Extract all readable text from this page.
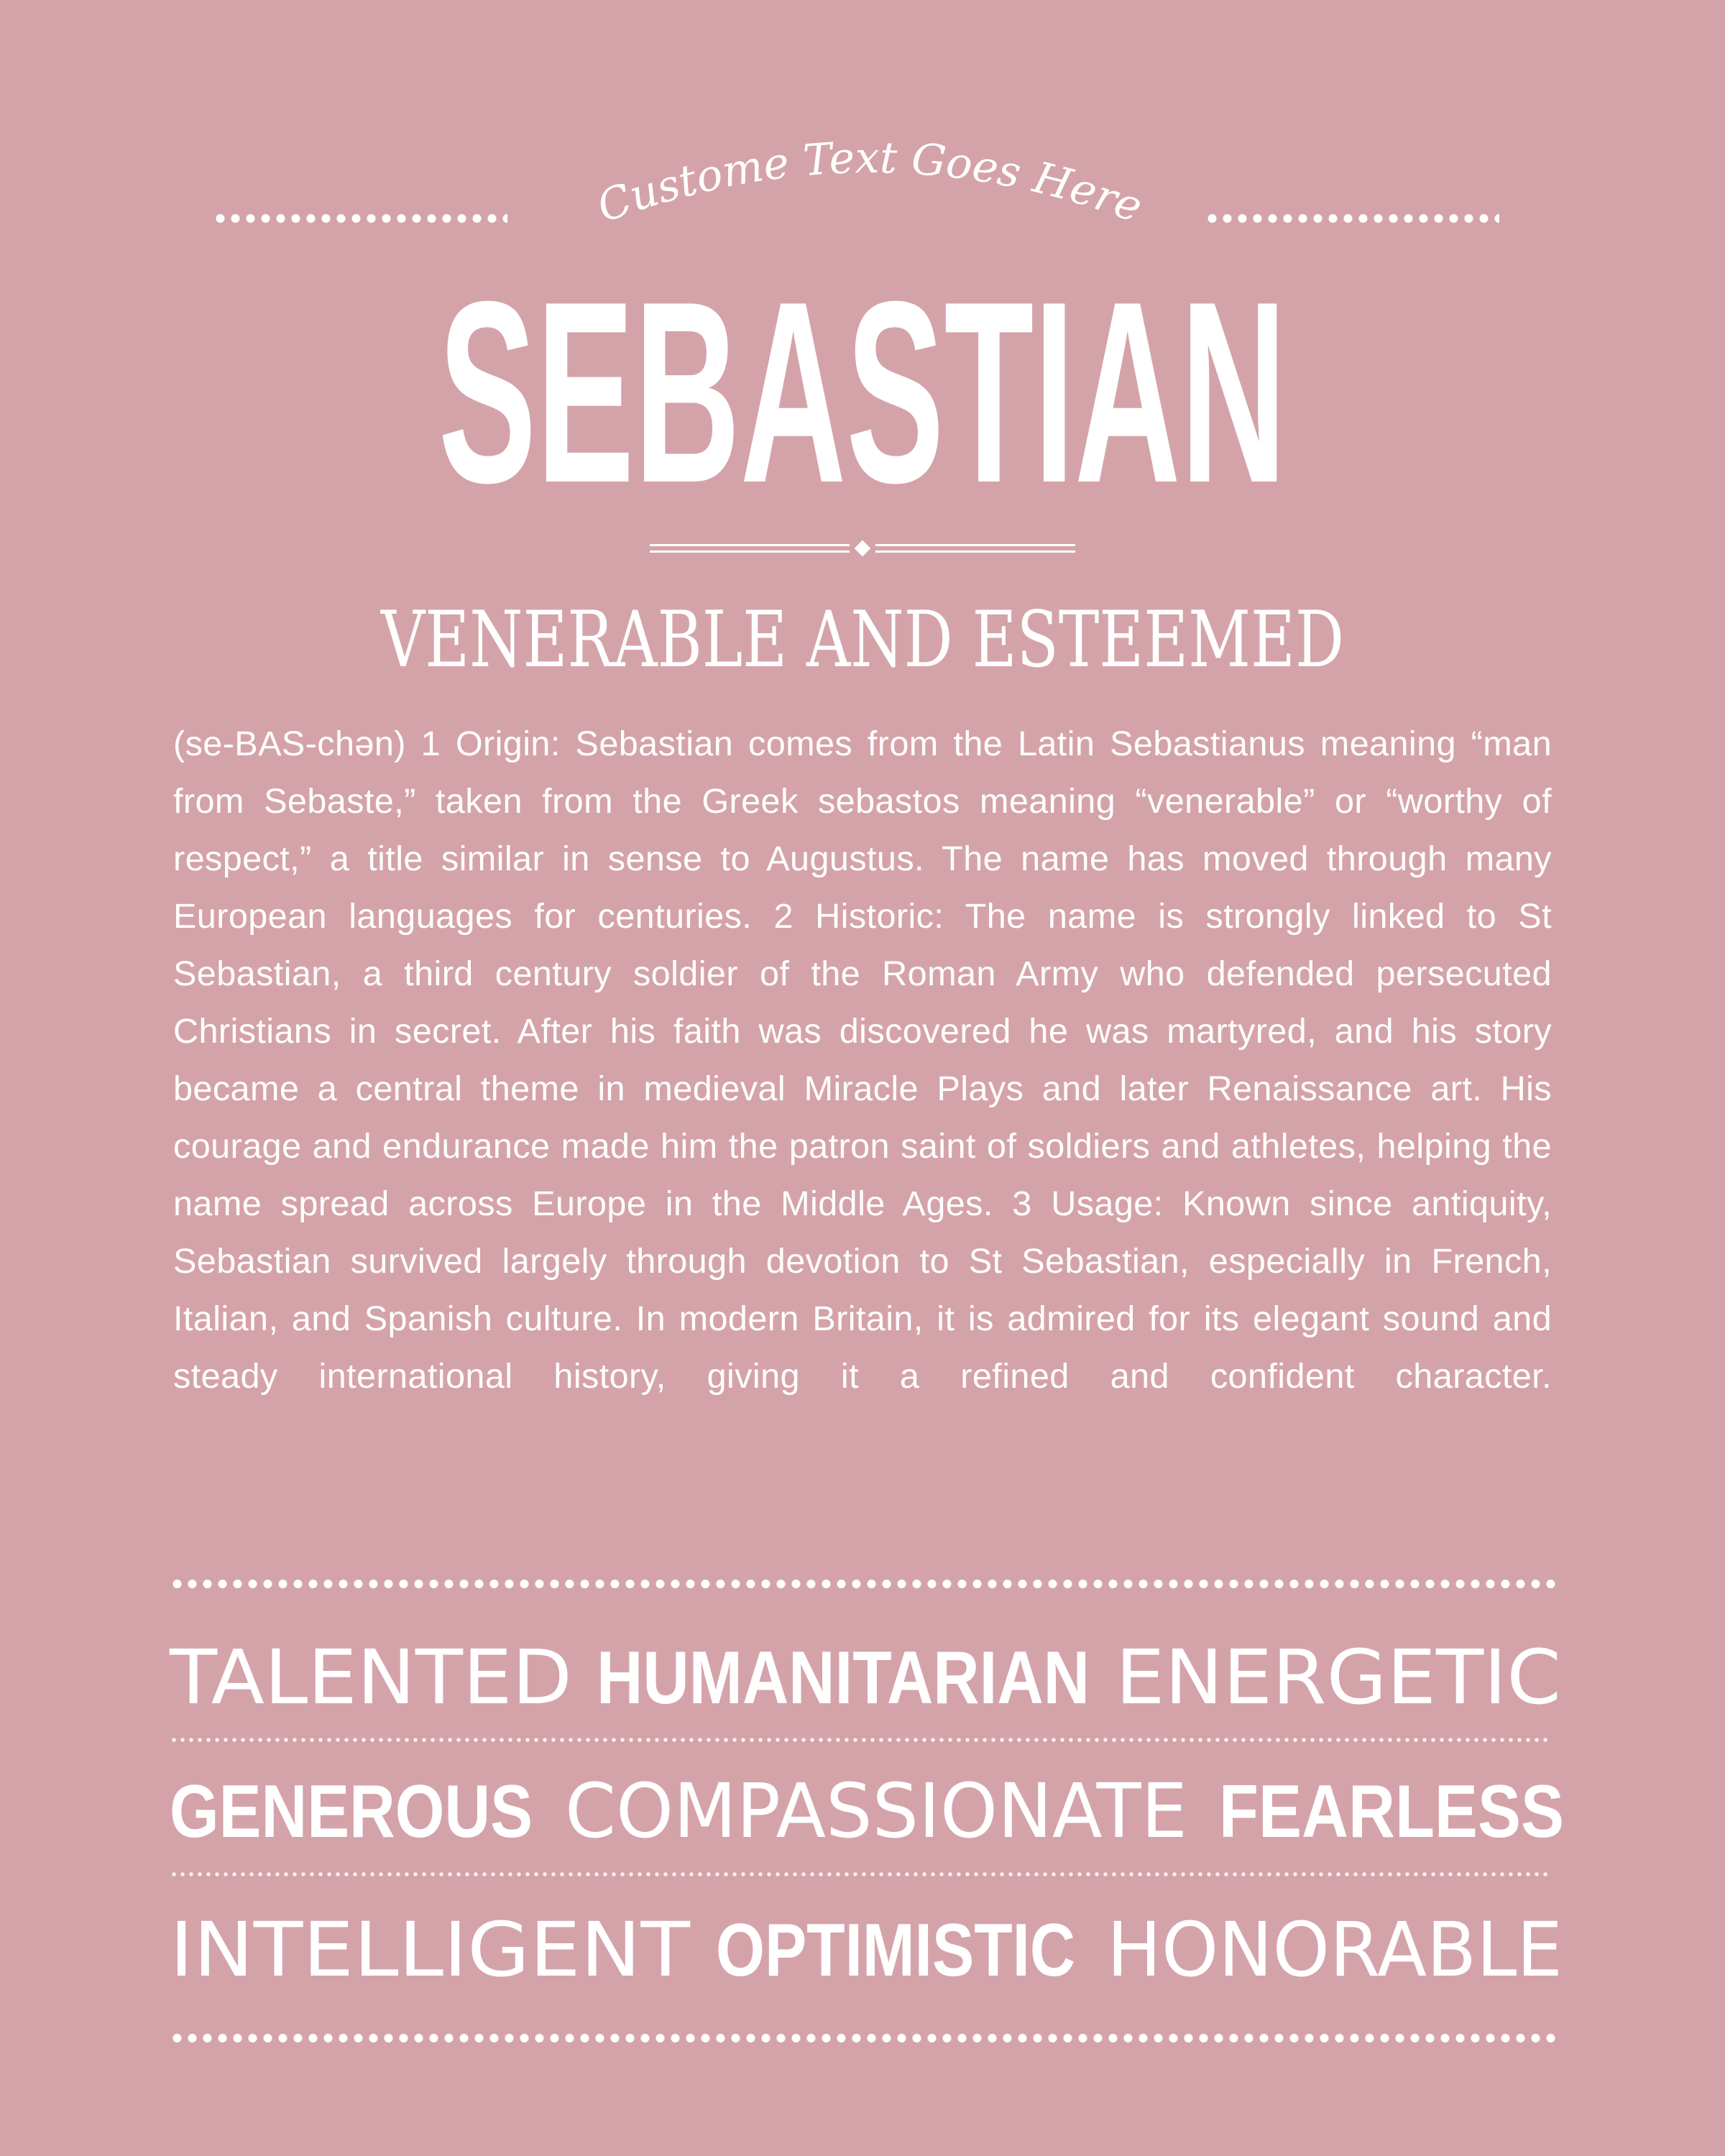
Custome Text Goes Here
SEBASTIAN
VENERABLE AND ESTEEMED
(se-BAS-chən) 1 Origin: Sebastian comes from the Latin Sebastianus meaning “man from Sebaste,” taken from the Greek sebastos meaning “venerable” or “worthy of respect,” a title similar in sense to Augustus. The name has moved through many European languages for centuries. 2 Historic: The name is strongly linked to St Sebastian, a third century soldier of the Roman Army who defended persecuted Christians in secret. After his faith was discovered he was martyred, and his story became a central theme in medieval Miracle Plays and later Renaissance art. His courage and endurance made him the patron saint of soldiers and athletes, helping the name spread across Europe in the Middle Ages. 3 Usage: Known since antiquity, Sebastian survived largely through devotion to St Sebastian, especially in French, Italian, and Spanish culture. In modern Britain, it is admired for its elegant sound and steady international history, giving it a refined and confident character.
TALENTED HUMANITARIAN ENERGETIC
GENEROUS COMPASSIONATE FEARLESS
INTELLIGENT OPTIMISTIC HONORABLE
